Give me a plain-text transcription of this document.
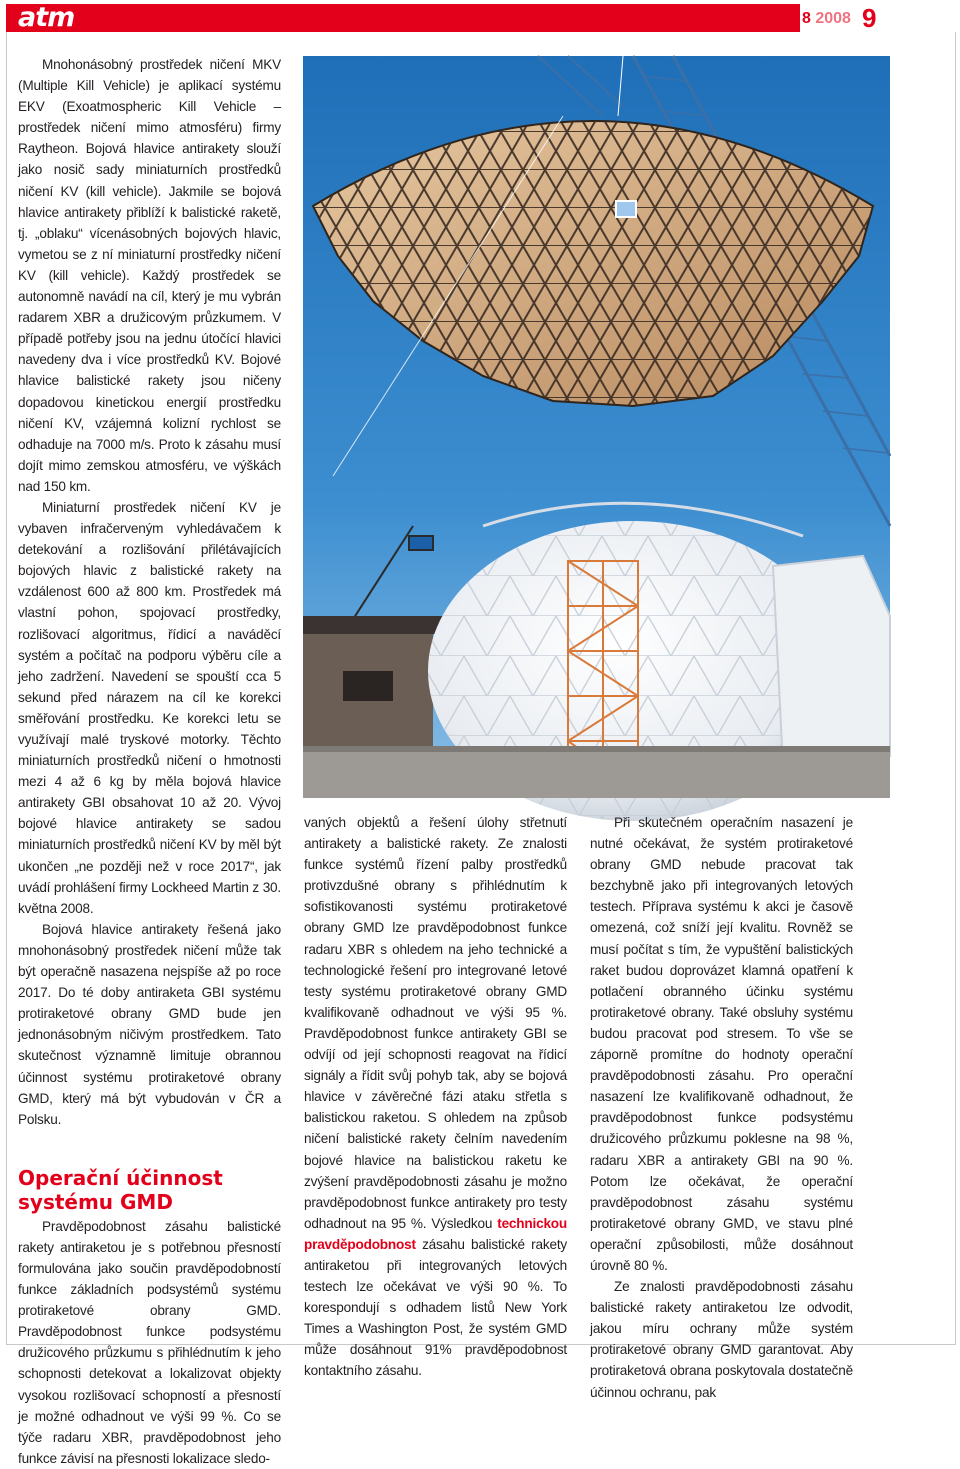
atm	8 2008 9

Mnohonásobný prostředek ničení MKV (Multiple Kill Vehicle) je aplikací systému EKV (Exoatmospheric Kill Vehicle – prostředek ničení mimo atmosféru) firmy Raytheon. Bojová hlavice antirakety slouží jako nosič sady miniaturních prostředků ničení KV (kill vehicle). Jakmile se bojová hlavice antirakety přiblíží k balistické raketě, tj. „oblaku“ vícenásobných bojových hlavic, vymetou se z ní miniaturní prostředky ničení KV (kill vehicle). Každý prostředek se autonomně navádí na cíl, který je mu vybrán radarem XBR a družicovým průzkumem. V případě potřeby jsou na jednu útočící hlavici navedeny dva i více prostředků KV. Bojové hlavice balistické rakety jsou ničeny dopadovou kinetickou energií prostředku ničení KV, vzájemná kolizní rychlost se odhaduje na 7000 m/s. Proto k zásahu musí dojít mimo zemskou atmosféru, ve výškách nad 150 km.

Miniaturní prostředek ničení KV je vybaven infračerveným vyhledávačem k detekování a rozlišování přilétávajících bojových hlavic z balistické rakety na vzdálenost 600 až 800 km. Prostředek má vlastní pohon, spojovací prostředky, rozlišovací algoritmus, řídicí a naváděcí systém a počítač na podporu výběru cíle a jeho zadržení. Navedení se spouští cca 5 sekund před nárazem na cíl ke korekci směřování prostředku. Ke korekci letu se využívají malé tryskové motorky. Těchto miniaturních prostředků ničení o hmotnosti mezi 4 až 6 kg by měla bojová hlavice antirakety GBI obsahovat 10 až 20. Vývoj bojové hlavice antirakety se sadou miniaturních prostředků ničení KV by měl být ukončen „ne později než v roce 2017“, jak uvádí prohlášení firmy Lockheed Martin z 30. května 2008.

Bojová hlavice antirakety řešená jako mnohonásobný prostředek ničení může tak být operačně nasazena nejspíše až po roce 2017. Do té doby antiraketa GBI systému protiraketové obrany GMD bude jen jednonásobným ničivým prostředkem. Tato skutečnost významně limituje obrannou účinnost systému protiraketové obrany GMD, který má být vybudován v ČR a Polsku.

Operační účinnost systému GMD

Pravděpodobnost zásahu balistické rakety antiraketou je s potřebnou přesností formulována jako součin pravděpodobností funkce základních podsystémů systému protiraketové obrany GMD. Pravděpodobnost funkce podsystému družicového průzkumu s přihlédnutím k jeho schopnosti detekovat a lokalizovat objekty vysokou rozlišovací schopností a přesností je možné odhadnout ve výši 99 %. Co se týče radaru XBR, pravděpodobnost jeho funkce závisí na přesnosti lokalizace sledo-

vaných objektů a řešení úlohy střetnutí antirakety a balistické rakety. Ze znalosti funkce systémů řízení palby prostředků protivzdušné obrany s přihlédnutím k sofistikovanosti systému protiraketové obrany GMD lze pravděpodobnost funkce radaru XBR s ohledem na jeho technické a technologické řešení pro integrované letové testy systému protiraketové obrany GMD kvalifikovaně odhadnout ve výši 95 %. Pravděpodobnost funkce antirakety GBI se odvíjí od její schopnosti reagovat na řídicí signály a řídit svůj pohyb tak, aby se bojová hlavice v závěrečné fázi ataku střetla s balistickou raketou. S ohledem na způsob ničení balistické rakety čelním navedením bojové hlavice na balistickou raketu ke zvýšení pravděpodobnosti zásahu je možno pravděpodobnost funkce antirakety pro testy odhadnout na 95 %. Výsledkou technickou pravděpodobnost zásahu balistické rakety antiraketou při integrovaných letových testech lze očekávat ve výši 90 %. To korespondují s odhadem listů New York Times a Washington Post, že systém GMD může dosáhnout 91% pravděpodobnost kontaktního zásahu.

Při skutečném operačním nasazení je nutné očekávat, že systém protiraketové obrany GMD nebude pracovat tak bezchybně jako při integrovaných letových testech. Příprava systému k akci je časově omezená, což sníží její kvalitu. Rovněž se musí počítat s tím, že vypuštění balistických raket budou doprovázet klamná opatření k potlačení obranného účinku systému protiraketové obrany. Také obsluhy systému budou pracovat pod stresem. To vše se záporně promítne do hodnoty operační pravděpodobnosti zásahu. Pro operační nasazení lze kvalifikovaně odhadnout, že pravděpodobnost funkce podsystému družicového průzkumu poklesne na 98 %, radaru XBR a antirakety GBI na 90 %. Potom lze očekávat, že operační pravděpodobnost zásahu systému protiraketové obrany GMD, ve stavu plné operační způsobilosti, může dosáhnout úrovně 80 %.

Ze znalosti pravděpodobnosti zásahu balistické rakety antiraketou lze odvodit, jakou míru ochrany může systém protiraketové obrany GMD garantovat. Aby protiraketová obrana poskytovala dostatečně účinnou ochranu, pak
